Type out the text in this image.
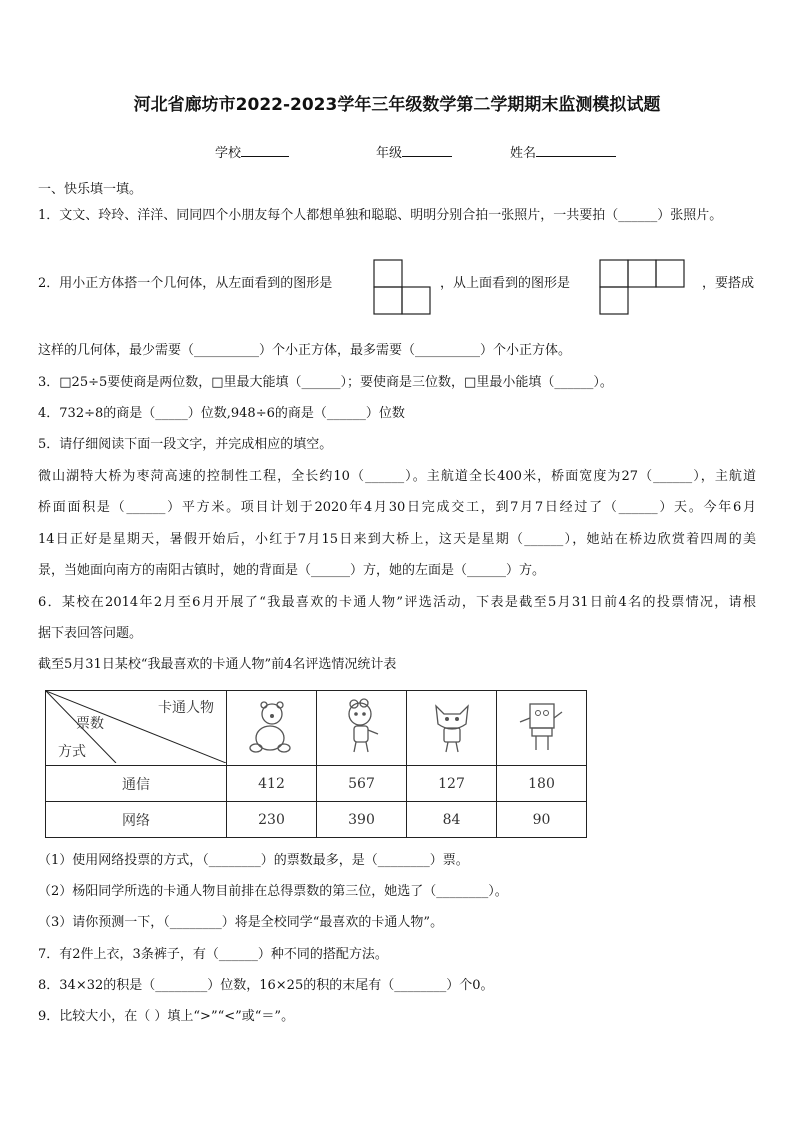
河北省廊坊市2022-2023学年三年级数学第二学期期末监测模拟试题
学校	年级	姓名
一、快乐填一填。
1．文文、玲玲、洋洋、同同四个小朋友每个人都想单独和聪聪、明明分别合拍一张照片，一共要拍（______）张照片。
2．用小正方体搭一个几何体，从左面看到的图形是	，从上面看到的图形是	，要搭成
这样的几何体，最少需要（__________）个小正方体，最多需要（__________）个小正方体。
3．□25÷5要使商是两位数，□里最大能填（______）；要使商是三位数，□里最小能填（______）。
4．732÷8的商是（_____）位数,948÷6的商是（______）位数
5．请仔细阅读下面一段文字，并完成相应的填空。
微山湖特大桥为枣菏高速的控制性工程，全长约10（______）。主航道全长400米，桥面宽度为27（______），主航道
桥面面积是（______）平方米。项目计划于2020年4月30日完成交工，到7月7日经过了（______）天。今年6月
14日正好是星期天，暑假开始后，小红于7月15日来到大桥上，这天是星期（______），她站在桥边欣赏着四周的美
景，当她面向南方的南阳古镇时，她的背面是（______）方，她的左面是（______）方。
6．某校在2014年2月至6月开展了“我最喜欢的卡通人物”评选活动，下表是截至5月31日前4名的投票情况，请根
据下表回答问题。
截至5月31日某校“我最喜欢的卡通人物”前4名评选情况统计表
卡通人物
票数
方式

通信	412	567	127	180
网络	230	390	84	90
（1）使用网络投票的方式，（________）的票数最多，是（________）票。
（2）杨阳同学所选的卡通人物目前排在总得票数的第三位，她选了（________）。
（3）请你预测一下，（________）将是全校同学“最喜欢的卡通人物”。
7．有2件上衣，3条裤子，有（______）种不同的搭配方法。
8．34×32的积是（________）位数，16×25的积的末尾有（________）个0。
9．比较大小，在（ ）填上“>”“<”或“＝”。
